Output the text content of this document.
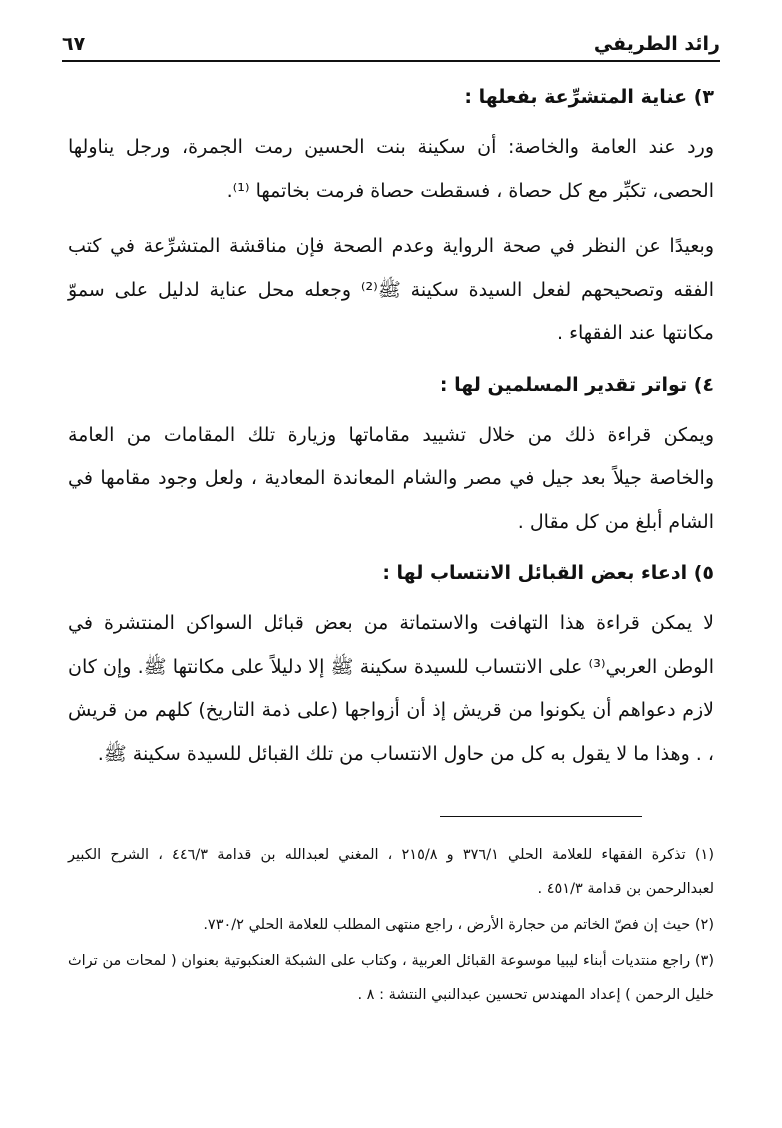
رائد الطريفي
٦٧
٣) عناية المتشرِّعة بفعلها :

ورد عند العامة والخاصة: أن سكينة بنت الحسين رمت الجمرة، ورجل يناولها الحصى، تكبِّر مع كل حصاة ، فسقطت حصاة فرمت بخاتمها ⁽¹⁾.

وبعيدًا عن النظر في صحة الرواية وعدم الصحة فإن مناقشة المتشرِّعة في كتب الفقه وتصحيحهم لفعل السيدة سكينة ﷺ⁽²⁾ وجعله محل عناية لدليل على سموّ مكانتها عند الفقهاء .

٤) تواتر تقدير المسلمين لها :

ويمكن قراءة ذلك من خلال تشييد مقاماتها وزيارة تلك المقامات من العامة والخاصة جيلاً بعد جيل في مصر والشام المعاندة المعادية ، ولعل وجود مقامها في الشام أبلغ من كل مقال .

٥) ادعاء بعض القبائل الانتساب لها :

لا يمكن قراءة هذا التهافت والاستماتة من بعض قبائل السواكن المنتشرة في الوطن العربي⁽³⁾ على الانتساب للسيدة سكينة ﷺ إلا دليلاً على مكانتها ﷺ. وإن كان لازم دعواهم أن يكونوا من قريش إذ أن أزواجها (على ذمة التاريخ) كلهم من قريش ، . وهذا ما لا يقول به كل من حاول الانتساب من تلك القبائل للسيدة سكينة ﷺ.

(١) تذكرة الفقهاء للعلامة الحلي ٣٧٦/١ و ٢١٥/٨ ، المغني لعبدالله بن قدامة ٤٤٦/٣ ، الشرح الكبير لعبدالرحمن بن قدامة ٤٥١/٣ .

(٢) حيث إن فصّ الخاتم من حجارة الأرض ، راجع منتهى المطلب للعلامة الحلي ٧٣٠/٢.

(٣) راجع منتديات أبناء ليبيا موسوعة القبائل العربية ، وكتاب على الشبكة العنكبوتية بعنوان ( لمحات من تراث خليل الرحمن ) إعداد المهندس تحسين عبدالنبي النتشة : ٨ .
